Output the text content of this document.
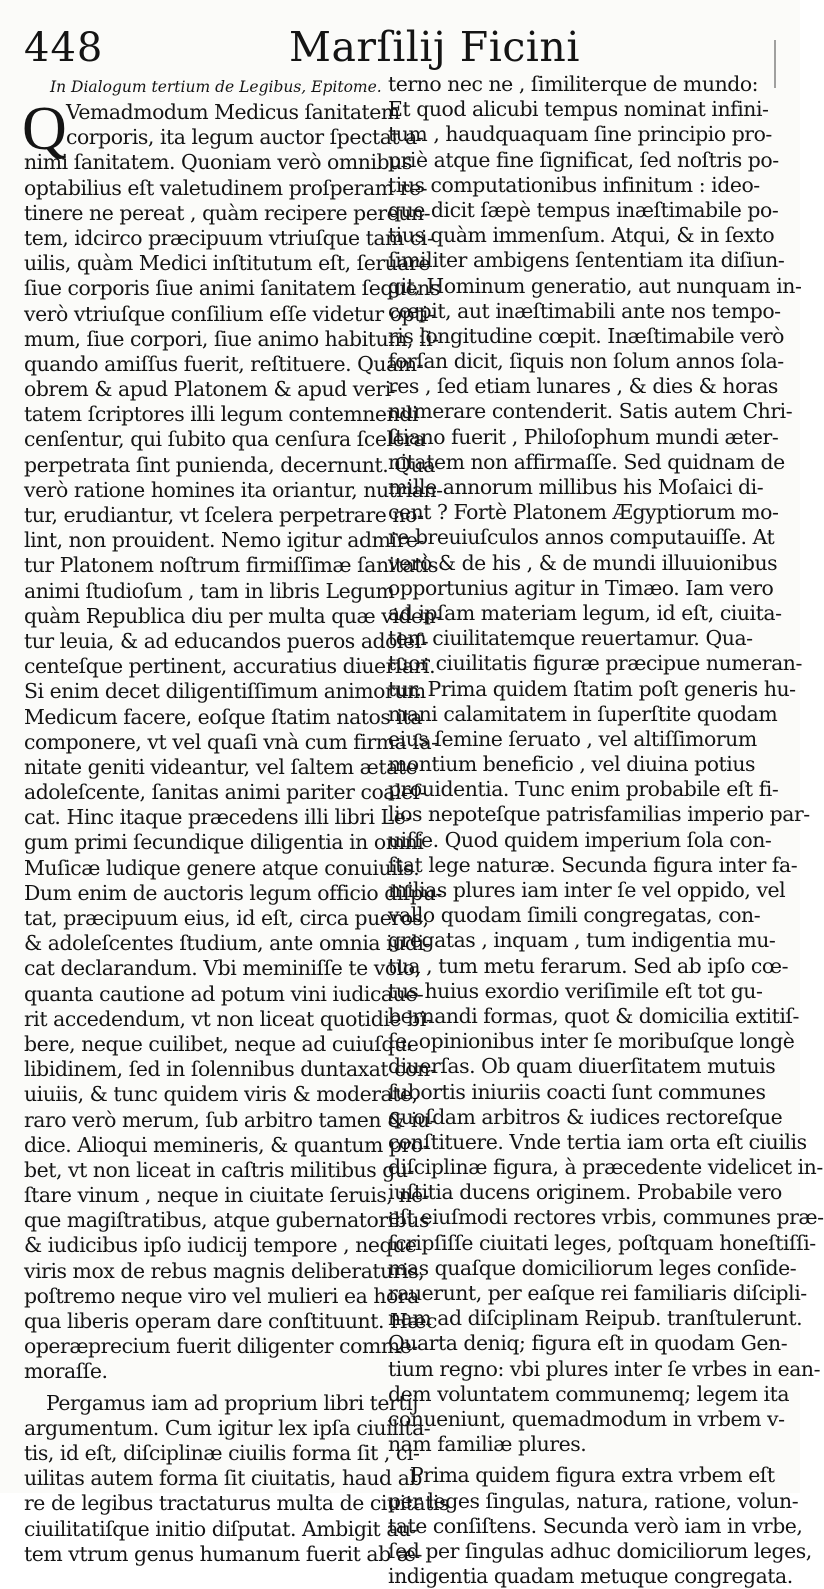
448	Marſilij Ficini
In Dialogum tertium de Legibus, Epitome.
Q Vemadmodum Medicus ſanitatem
corporis, ita legum auctor ſpectat a-
nimi ſanitatem. Quoniam verò omnibus
optabilius eſt valetudinem proſperam re-
tinere ne pereat , quàm recipere pereun-
tem, idcirco præcipuum vtriuſque tam ci-
uilis, quàm Medici inſtitutum eſt, ſeruare
ſiue corporis ſiue animi ſanitatem ſequens
verò vtriuſque conſilium eſſe videtur opti-
mum, ſiue corpori, ſiue animo habitum, ſi-
quando amiſſus fuerit, reſtituere. Quam-
obrem & apud Platonem & apud veri-
tatem ſcriptores illi legum contemnendi
cenſentur, qui ſubito qua cenſura ſcelera
perpetrata ſint punienda, decernunt. Qua
verò ratione homines ita oriantur, nutrian-
tur, erudiantur, vt ſcelera perpetrare no-
lint, non prouident. Nemo igitur admire-
tur Platonem noſtrum firmiſſimæ ſanitatis
animi ſtudioſum , tam in libris Legum
quàm Republica diu per multa quæ viden-
tur leuia, & ad educandos pueros adoleſ-
centeſque pertinent, accuratius diuerſari.
Si enim decet diligentiſſimum animorum
Medicum facere, eoſque ſtatim natos ita
componere, vt vel quaſi vnà cum firma ſa-
nitate geniti videantur, vel ſaltem ætate
adoleſcente, ſanitas animi pariter coaleſ-
cat. Hinc itaque præcedens illi libri Le-
gum primi ſecundique diligentia in omni
Muſicæ ludique genere atque conuiuiis.
Dum enim de auctoris legum officio diſpu-
tat, præcipuum eius, id eſt, circa pueros,
& adoleſcentes ſtudium, ante omnia iudi-
cat declarandum. Vbi meminiſſe te volo,
quanta cautione ad potum vini iudicaue-
rit accedendum, vt non liceat quotidie bi-
bere, neque cuilibet, neque ad cuiuſque
libidinem, ſed in ſolennibus duntaxat con-
uiuiis, & tunc quidem viris & moderate,
raro verò merum, ſub arbitro tamen & iu-
dice. Alioqui memineris, & quantum pro-
bet, vt non liceat in caſtris militibus gu-
ſtare vinum , neque in ciuitate ſeruis, ne-
que magiſtratibus, atque gubernatoribus
& iudicibus ipſo iudicij tempore , neque
viris mox de rebus magnis deliberaturis,
poſtremo neque viro vel mulieri ea hora
qua liberis operam dare conſtituunt. Hæc
operæprecium fuerit diligenter comme-
moraſſe.
Pergamus iam ad proprium libri tertij
argumentum. Cum igitur lex ipſa ciuilita-
tis, id eſt, diſciplinæ ciuilis forma ſit , ci-
uilitas autem forma ſit ciuitatis, haud ab
re de legibus tractaturus multa de ciuitatis
ciuilitatiſque initio diſputat. Ambigit au-
tem vtrum genus humanum fuerit ab æ-
terno nec ne , ſimiliterque de mundo:
Et quod alicubi tempus nominat infini-
tum , haudquaquam ſine principio pro-
priè atque fine ſignificat, ſed noſtris po-
tius computationibus infinitum : ideo-
que dicit ſæpè tempus inæſtimabile po-
tius quàm immenſum. Atqui, & in ſexto
ſimiliter ambigens ſententiam ita diſiun-
git, Hominum generatio, aut nunquam in-
cœpit, aut inæſtimabili ante nos tempo-
ris longitudine cœpit. Inæſtimabile verò
forſan dicit, ſiquis non ſolum annos ſola-
res , ſed etiam lunares , & dies & horas
numerare contenderit. Satis autem Chri-
ſtiano fuerit , Philoſophum mundi æter-
nitatem non affirmaſſe. Sed quidnam de
mille annorum millibus his Moſaici di-
cent ? Fortè Platonem Ægyptiorum mo-
re breuiuſculos annos computauiſſe. At
verò & de his , & de mundi illuuionibus
opportunius agitur in Timæo. Iam vero
ad ipſam materiam legum, id eſt, ciuita-
tem ciuilitatemque reuertamur. Qua-
tuor ciuilitatis figuræ præcipue numeran-
tur. Prima quidem ſtatim poſt generis hu-
mani calamitatem in ſuperſtite quodam
eius ſemine ſeruato , vel altiſſimorum
montium beneficio , vel diuina potius
prouidentia. Tunc enim probabile eſt fi-
lios nepoteſque patrisfamilias imperio par-
uiſſe. Quod quidem imperium ſola con-
ſtat lege naturæ. Secunda figura inter fa-
milias plures iam inter ſe vel oppido, vel
vallo quodam ſimili congregatas, con-
gregatas , inquam , tum indigentia mu-
tua , tum metu ferarum. Sed ab ipſo cœ-
tus huius exordio veriſimile eſt tot gu-
bernandi formas, quot & domicilia extitiſ-
ſe, opinionibus inter ſe moribuſque longè
diuerſas. Ob quam diuerſitatem mutuis
ſubortis iniuriis coacti ſunt communes
quoſdam arbitros & iudices rectoreſque
conſtituere. Vnde tertia iam orta eſt ciuilis
diſciplinæ figura, à præcedente videlicet in-
iuſtitia ducens originem. Probabile vero
eſt eiuſmodi rectores vrbis, communes præ-
ſcripſiſſe ciuitati leges, poſtquam honeſtiſſi-
mas quaſque domiciliorum leges conſide-
rauerunt, per eaſque rei familiaris diſcipli-
nam ad diſciplinam Reipub. tranſtulerunt.
Quarta deniq; figura eſt in quodam Gen-
tium regno: vbi plures inter ſe vrbes in ean-
dem voluntatem communemq; legem ita
conueniunt, quemadmodum in vrbem v-
nam familiæ plures.
Prima quidem figura extra vrbem eſt
per leges ſingulas, natura, ratione, volun-
tate conſiſtens. Secunda verò iam in vrbe,
ſed per ſingulas adhuc domiciliorum leges,
indigentia quadam metuque congregata.
